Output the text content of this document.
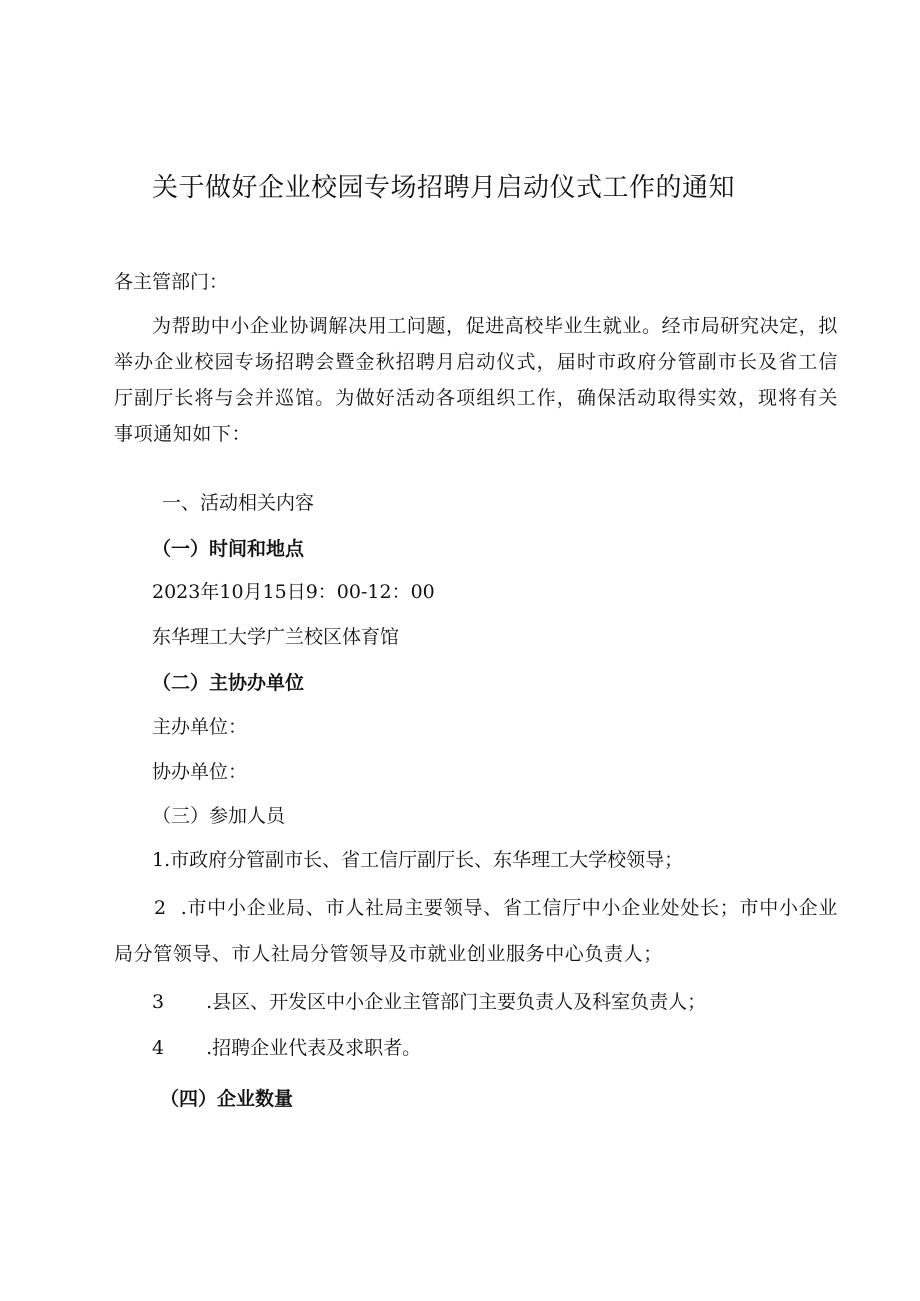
关于做好企业校园专场招聘月启动仪式工作的通知
各主管部门：
为帮助中小企业协调解决用工问题，促进高校毕业生就业。经市局研究决定，拟举办企业校园专场招聘会暨金秋招聘月启动仪式，届时市政府分管副市长及省工信厅副厅长将与会并巡馆。为做好活动各项组织工作，确保活动取得实效，现将有关事项通知如下：
一、活动相关内容
（一）时间和地点
2023年10月15日9：00-12：00
东华理工大学广兰校区体育馆
（二）主协办单位
主办单位：
协办单位：
（三）参加人员
1.市政府分管副市长、省工信厅副厅长、东华理工大学校领导；
2 .市中小企业局、市人社局主要领导、省工信厅中小企业处处长；市中小企业局分管领导、市人社局分管领导及市就业创业服务中心负责人；
3 .县区、开发区中小企业主管部门主要负责人及科室负责人；
4 .招聘企业代表及求职者。
（四）企业数量
